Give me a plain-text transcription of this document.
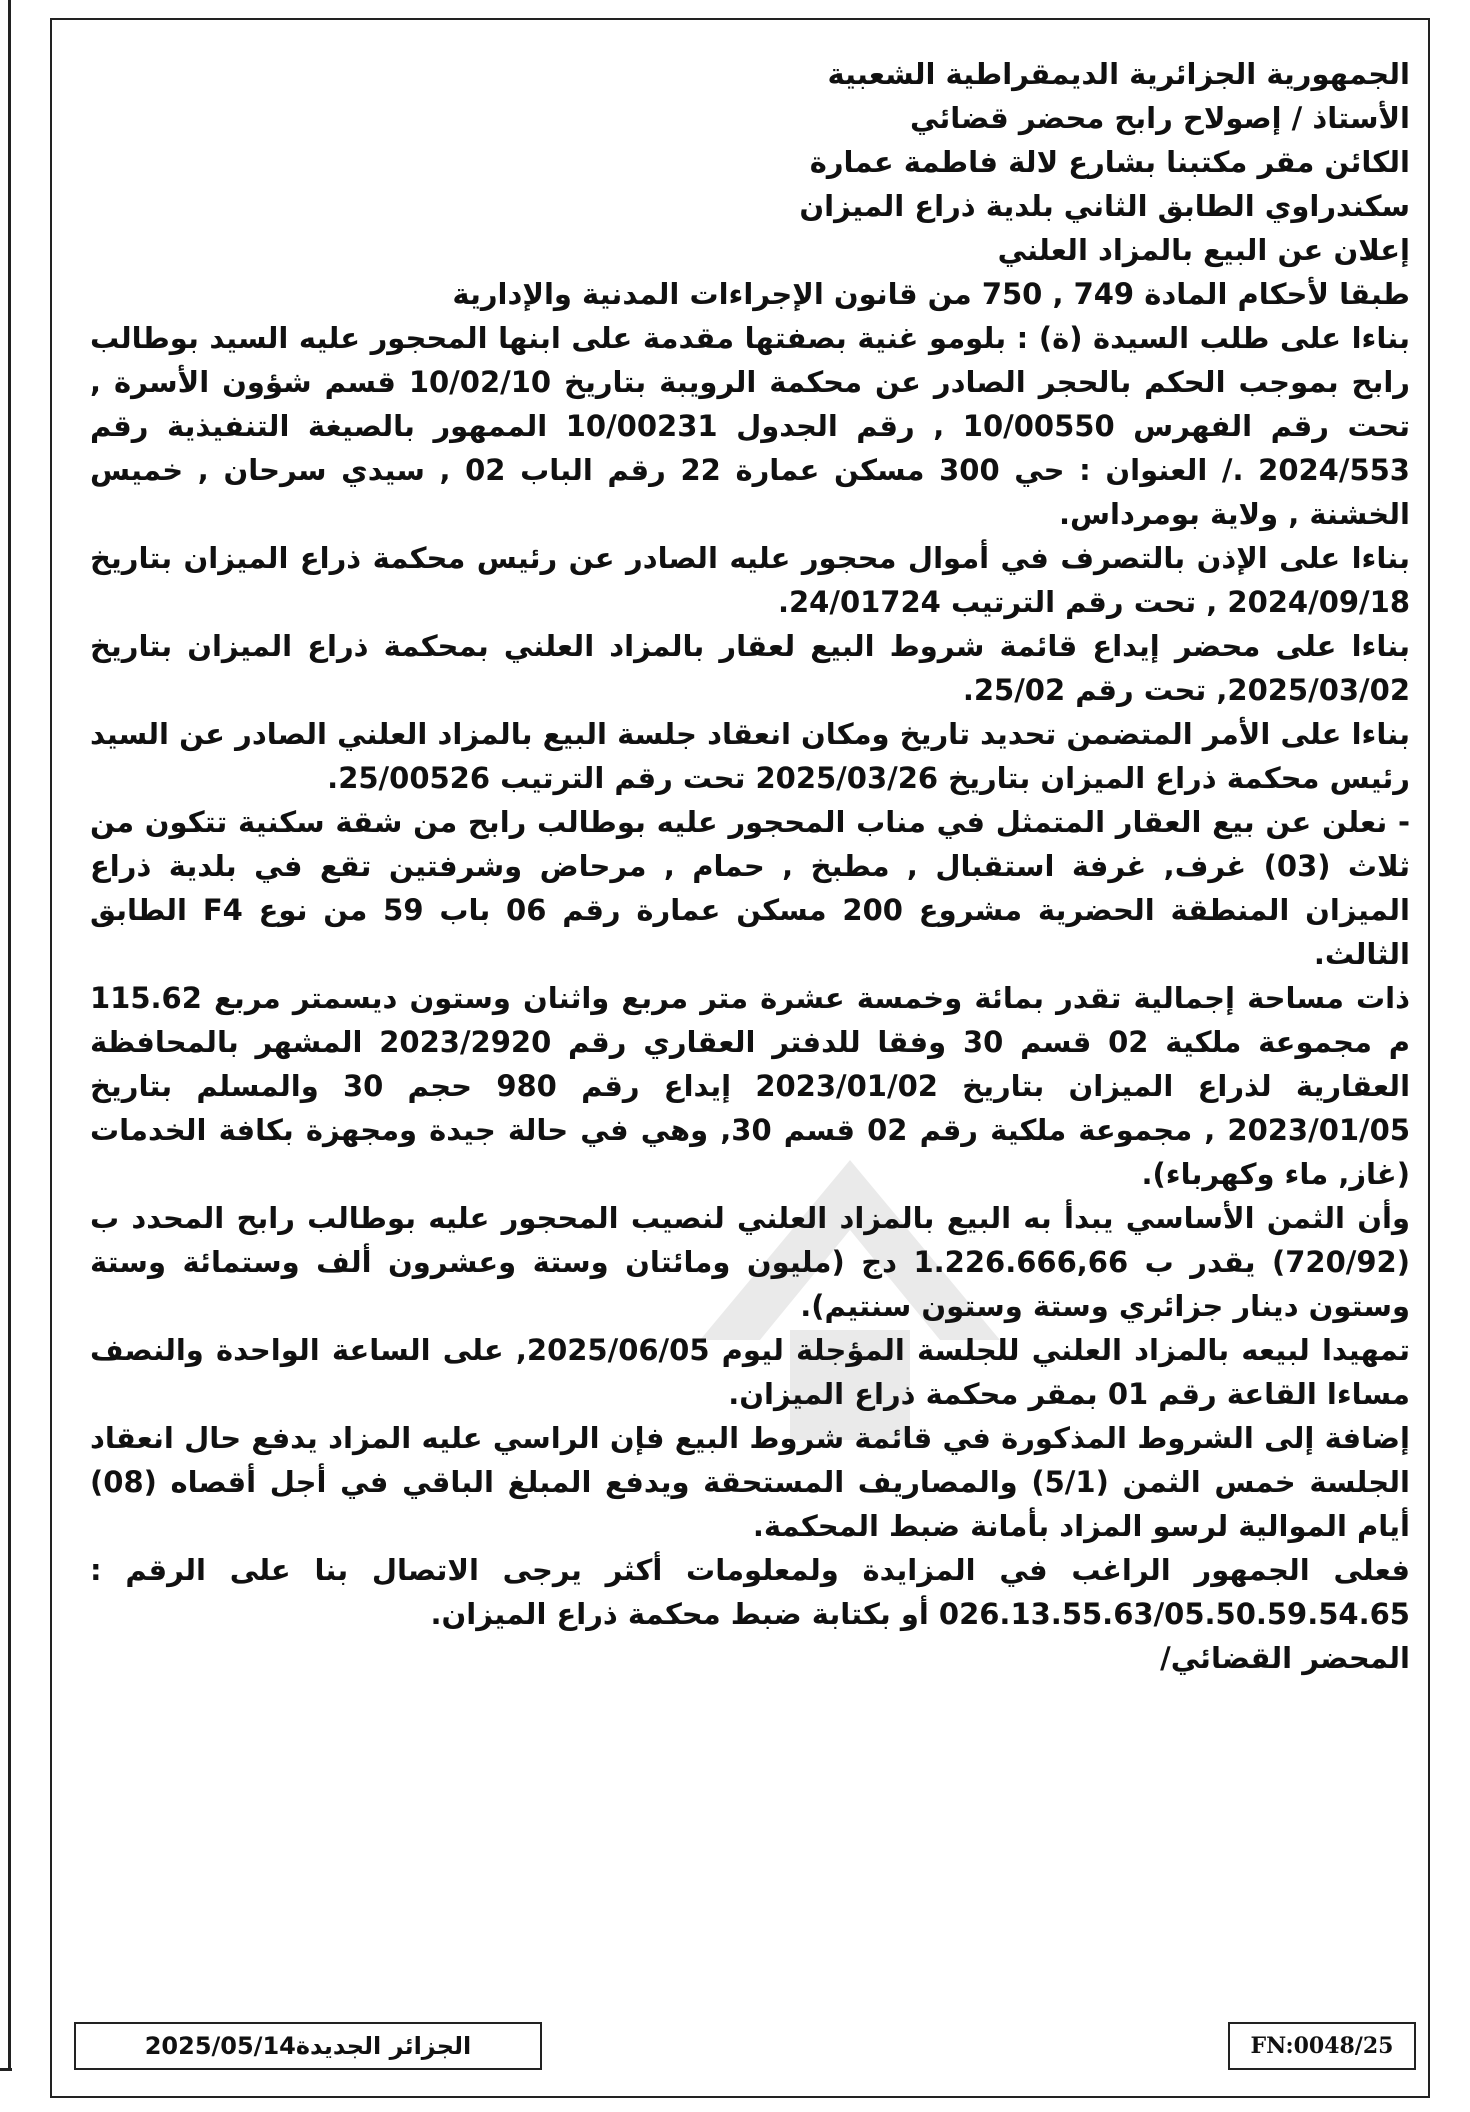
الجمهورية الجزائرية الديمقراطية الشعبية
الأستاذ / إصولاح رابح محضر قضائي
الكائن مقر مكتبنا بشارع لالة فاطمة عمارة
سكندراوي الطابق الثاني بلدية ذراع الميزان
إعلان عن البيع بالمزاد العلني
طبقا لأحكام المادة 749 , 750 من قانون الإجراءات المدنية والإدارية
بناءا على طلب السيدة (ة) : بلومو غنية بصفتها مقدمة على ابنها المحجور عليه السيد بوطالب رابح بموجب الحكم بالحجر الصادر عن محكمة الرويبة بتاريخ 10/02/10 قسم شؤون الأسرة , تحت رقم الفهرس 10/00550 , رقم الجدول 10/00231 الممهور بالصيغة التنفيذية رقم 2024/553 ./ العنوان : حي 300 مسكن عمارة 22 رقم الباب 02 , سيدي سرحان , خميس الخشنة , ولاية بومرداس.
بناءا على الإذن بالتصرف في أموال محجور عليه الصادر عن رئيس محكمة ذراع الميزان بتاريخ 2024/09/18 , تحت رقم الترتيب 24/01724.
بناءا على محضر إيداع قائمة شروط البيع لعقار بالمزاد العلني بمحكمة ذراع الميزان بتاريخ 2025/03/02, تحت رقم 25/02.
بناءا على الأمر المتضمن تحديد تاريخ ومكان انعقاد جلسة البيع بالمزاد العلني الصادر عن السيد رئيس محكمة ذراع الميزان بتاريخ 2025/03/26 تحت رقم الترتيب 25/00526.
- نعلن عن بيع العقار المتمثل في مناب المحجور عليه بوطالب رابح من شقة سكنية تتكون من ثلاث (03) غرف, غرفة استقبال , مطبخ , حمام , مرحاض وشرفتين تقع في بلدية ذراع الميزان المنطقة الحضرية مشروع 200 مسكن عمارة رقم 06 باب 59 من نوع F4 الطابق الثالث.
ذات مساحة إجمالية تقدر بمائة وخمسة عشرة متر مربع واثنان وستون ديسمتر مربع 115.62 م مجموعة ملكية 02 قسم 30 وفقا للدفتر العقاري رقم 2023/2920 المشهر بالمحافظة العقارية لذراع الميزان بتاريخ 2023/01/02 إيداع رقم 980 حجم 30 والمسلم بتاريخ 2023/01/05 , مجموعة ملكية رقم 02 قسم 30, وهي في حالة جيدة ومجهزة بكافة الخدمات (غاز, ماء وكهرباء).
وأن الثمن الأساسي يبدأ به البيع بالمزاد العلني لنصيب المحجور عليه بوطالب رابح المحدد ب (720/92) يقدر ب 1.226.666,66 دج (مليون ومائتان وستة وعشرون ألف وستمائة وستة وستون دينار جزائري وستة وستون سنتيم).
تمهيدا لبيعه بالمزاد العلني للجلسة المؤجلة ليوم 2025/06/05, على الساعة الواحدة والنصف مساءا القاعة رقم 01 بمقر محكمة ذراع الميزان.
إضافة إلى الشروط المذكورة في قائمة شروط البيع فإن الراسي عليه المزاد يدفع حال انعقاد الجلسة خمس الثمن (5/1) والمصاريف المستحقة ويدفع المبلغ الباقي في أجل أقصاه (08) أيام الموالية لرسو المزاد بأمانة ضبط المحكمة.
فعلى الجمهور الراغب في المزايدة ولمعلومات أكثر يرجى الاتصال بنا على الرقم : 026.13.55.63/05.50.59.54.65 أو بكتابة ضبط محكمة ذراع الميزان.
المحضر القضائي/
الجزائر الجديدة2025/05/14	FN:0048/25
